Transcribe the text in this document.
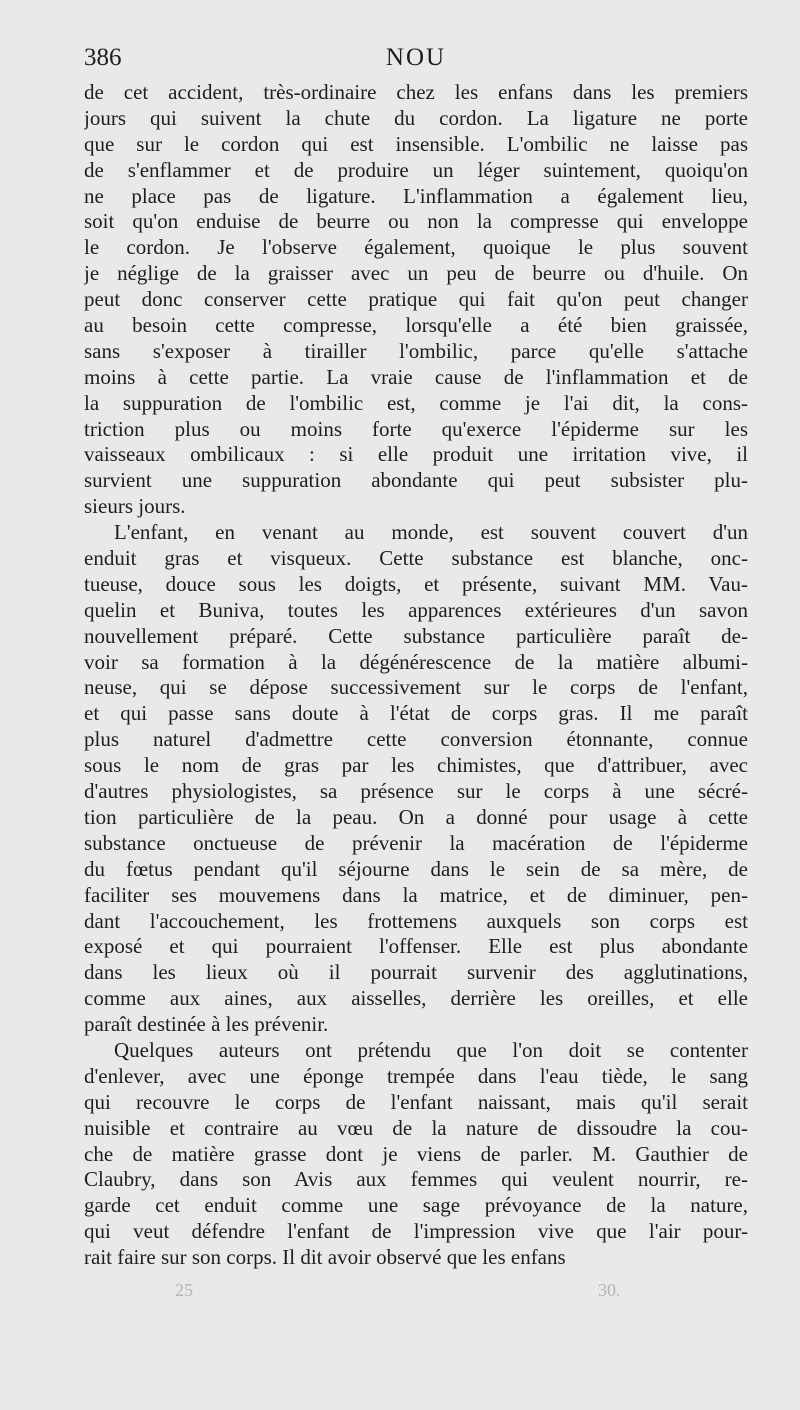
386	NOU
de cet accident, très-ordinaire chez les enfans dans les premiers
jours qui suivent la chute du cordon. La ligature ne porte
que sur le cordon qui est insensible. L'ombilic ne laisse pas
de s'enflammer et de produire un léger suintement, quoiqu'on
ne place pas de ligature. L'inflammation a également lieu,
soit qu'on enduise de beurre ou non la compresse qui enveloppe
le cordon. Je l'observe également, quoique le plus souvent
je néglige de la graisser avec un peu de beurre ou d'huile. On
peut donc conserver cette pratique qui fait qu'on peut changer
au besoin cette compresse, lorsqu'elle a été bien graissée,
sans s'exposer à tirailler l'ombilic, parce qu'elle s'attache
moins à cette partie. La vraie cause de l'inflammation et de
la suppuration de l'ombilic est, comme je l'ai dit, la cons-
triction plus ou moins forte qu'exerce l'épiderme sur les
vaisseaux ombilicaux : si elle produit une irritation vive, il
survient une suppuration abondante qui peut subsister plu-
sieurs jours.
L'enfant, en venant au monde, est souvent couvert d'un
enduit gras et visqueux. Cette substance est blanche, onc-
tueuse, douce sous les doigts, et présente, suivant MM. Vau-
quelin et Buniva, toutes les apparences extérieures d'un savon
nouvellement préparé. Cette substance particulière paraît de-
voir sa formation à la dégénérescence de la matière albumi-
neuse, qui se dépose successivement sur le corps de l'enfant,
et qui passe sans doute à l'état de corps gras. Il me paraît
plus naturel d'admettre cette conversion étonnante, connue
sous le nom de gras par les chimistes, que d'attribuer, avec
d'autres physiologistes, sa présence sur le corps à une sécré-
tion particulière de la peau. On a donné pour usage à cette
substance onctueuse de prévenir la macération de l'épiderme
du fœtus pendant qu'il séjourne dans le sein de sa mère, de
faciliter ses mouvemens dans la matrice, et de diminuer, pen-
dant l'accouchement, les frottemens auxquels son corps est
exposé et qui pourraient l'offenser. Elle est plus abondante
dans les lieux où il pourrait survenir des agglutinations,
comme aux aines, aux aisselles, derrière les oreilles, et elle
paraît destinée à les prévenir.
Quelques auteurs ont prétendu que l'on doit se contenter
d'enlever, avec une éponge trempée dans l'eau tiède, le sang
qui recouvre le corps de l'enfant naissant, mais qu'il serait
nuisible et contraire au vœu de la nature de dissoudre la cou-
che de matière grasse dont je viens de parler. M. Gauthier de
Claubry, dans son Avis aux femmes qui veulent nourrir, re-
garde cet enduit comme une sage prévoyance de la nature,
qui veut défendre l'enfant de l'impression vive que l'air pour-
rait faire sur son corps. Il dit avoir observé que les enfans
25	30.
